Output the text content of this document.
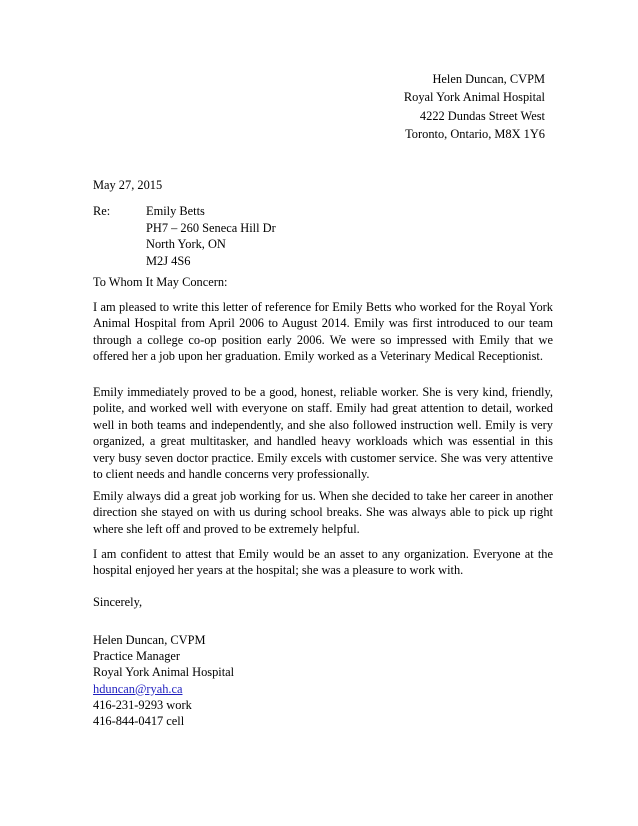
Helen Duncan, CVPM
Royal York Animal Hospital
4222 Dundas Street West
Toronto, Ontario, M8X 1Y6
May 27, 2015
Re:	Emily Betts
PH7 – 260 Seneca Hill Dr
North York, ON
M2J 4S6
To Whom It May Concern:
I am pleased to write this letter of reference for Emily Betts who worked for the Royal York Animal Hospital from April 2006 to August 2014. Emily was first introduced to our team through a college co-op position early 2006. We were so impressed with Emily that we offered her a job upon her graduation. Emily worked as a Veterinary Medical Receptionist.
Emily immediately proved to be a good, honest, reliable worker. She is very kind, friendly, polite, and worked well with everyone on staff. Emily had great attention to detail, worked well in both teams and independently, and she also followed instruction well. Emily is very organized, a great multitasker, and handled heavy workloads which was essential in this very busy seven doctor practice. Emily excels with customer service. She was very attentive to client needs and handle concerns very professionally.
Emily always did a great job working for us. When she decided to take her career in another direction she stayed on with us during school breaks. She was always able to pick up right where she left off and proved to be extremely helpful.
I am confident to attest that Emily would be an asset to any organization. Everyone at the hospital enjoyed her years at the hospital; she was a pleasure to work with.
Sincerely,
Helen Duncan, CVPM
Practice Manager
Royal York Animal Hospital
hduncan@ryah.ca
416-231-9293 work
416-844-0417 cell
